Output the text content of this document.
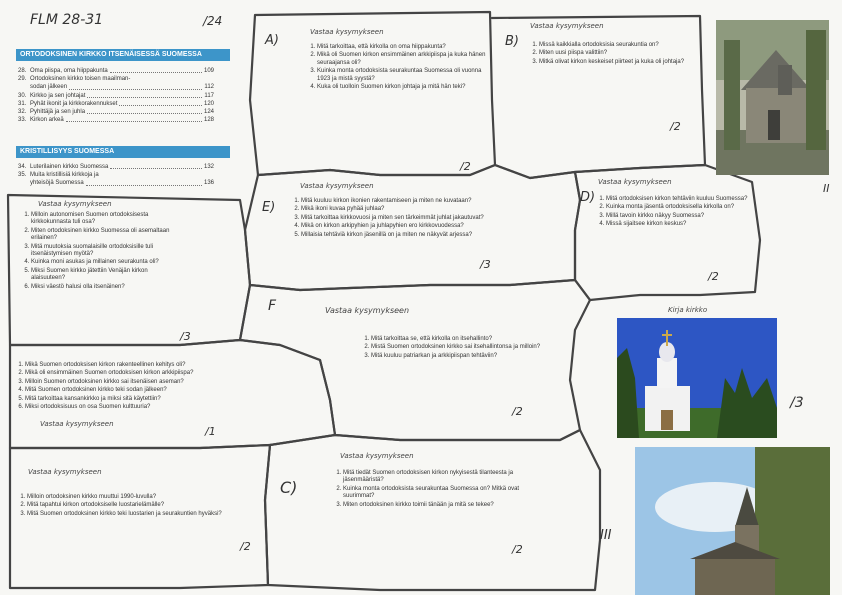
FLM 28-31	/24
ORTODOKSINEN KIRKKO ITSENÄISESSÄ SUOMESSA
28. Oma piispa, oma hiippakunta	109
29. Ortodoksinen kirkko toisen maailman-
sodan jälkeen	112
30. Kirkko ja sen johtajat	117
31. Pyhät ikonit ja kirkkorakennukset	120
32. Pyhittäjä ja sen juhla	124
33. Kirkon arkeā	128
KRISTILLISYYS SUOMESSA
34. Luterilainen kirkko Suomessa	132
35. Muita kristillisiä kirkkoja ja
yhteisöjä Suomessa	136
Vastaa kysymykseen
1. Milloin autonomisen Suomen ortodoksisesta kirkkokunnasta tuli osa?
2. Miten ortodoksinen kirkko Suomessa oli asemaltaan erilainen?
3. Mitä muutoksia suomalaisille ortodoksisille tuli itsenäistymisen myötä?
4. Kuinka moni asukas ja millainen seurakunta oli?
5. Miksi Suomen kirkko jätettiin Venäjän kirkon alaisuuteen?
6. Miksi väestö halusi olla itsenäinen?
/3
A)
Vastaa kysymykseen
1. Mitä tarkoittaa, että kirkolla on oma hiippakunta?
2. Mikä oli Suomen kirkon ensimmäinen arkkipiispa ja kuka hänen seuraajansa oli?
3. Kuinka monta ortodoksista seurakuntaa Suomessa oli vuonna 1923 ja mistä syystä?
4. Kuka oli tuolloin Suomen kirkon johtaja ja mitä hän teki?
/2
B)
Vastaa kysymykseen
1. Missä kaikkialla ortodoksisia seurakuntia on?
2. Miten uusi piispa valittiin?
3. Mitkä olivat kirkon keskeiset piirteet ja kuka oli johtaja?
/2
E)
Vastaa kysymykseen
1. Mitä kuuluu kirkon ikonien rakentamiseen ja miten ne kuvataan?
2. Mikä ikoni kuvaa pyhää juhlaa?
3. Mitä tarkoittaa kirkkovuosi ja miten sen tärkeimmät juhlat jakautuvat?
4. Mikä on kirkon arkipyhien ja juhlapyhien ero kirkkovuodessa?
5. Millaisia tehtäviä kirkon jäsenillä on ja miten ne näkyvät arjessa?
/3
D)
Vastaa kysymykseen
1. Mitä ortodoksisen kirkon tehtäviin kuuluu Suomessa?
2. Kuinka monta jäsentä ortodoksisella kirkolla on?
3. Millä tavoin kirkko näkyy Suomessa?
4. Missä sijaitsee kirkon keskus?
/2
F	Vastaa kysymykseen
1. Mitä tarkoittaa se, että kirkolla on itsehallinto?
2. Mistä Suomen ortodoksinen kirkko sai itsehallintonsa ja milloin?
3. Mitä kuuluu patriarkan ja arkkipiispan tehtäviin?
/2
1. Mikä Suomen ortodoksisen kirkon rakenteellinen kehitys oli?
2. Mikä oli ensimmäinen Suomen ortodoksisen kirkon arkkipiispa?
3. Milloin Suomen ortodoksinen kirkko sai itsenäisen aseman?
4. Mitä Suomen ortodoksinen kirkko teki sodan jälkeen?
5. Mitä tarkoittaa kansankirkko ja miksi sitä käytettiin?
6. Miksi ortodoksisuus on osa Suomen kulttuuria?
Vastaa kysymykseen
/1
Vastaa kysymykseen
1. Milloin ortodoksinen kirkko muuttui 1990-luvulla?
2. Mitä tapahtui kirkon ortodoksiselle luostarielämälle?
3. Mitä Suomen ortodoksinen kirkko teki luostarien ja seurakuntien hyväksi?
/2
C)
Vastaa kysymykseen
1. Mitä tiedät Suomen ortodoksisen kirkon nykyisestä tilanteesta ja jäsenmääristä?
2. Kuinka monta ortodoksista seurakuntaa Suomessa on? Mitkä ovat suurimmat?
3. Miten ortodoksinen kirkko toimii tänään ja mitä se tekee?
/2
II
Kirja kirkko
/3
III
